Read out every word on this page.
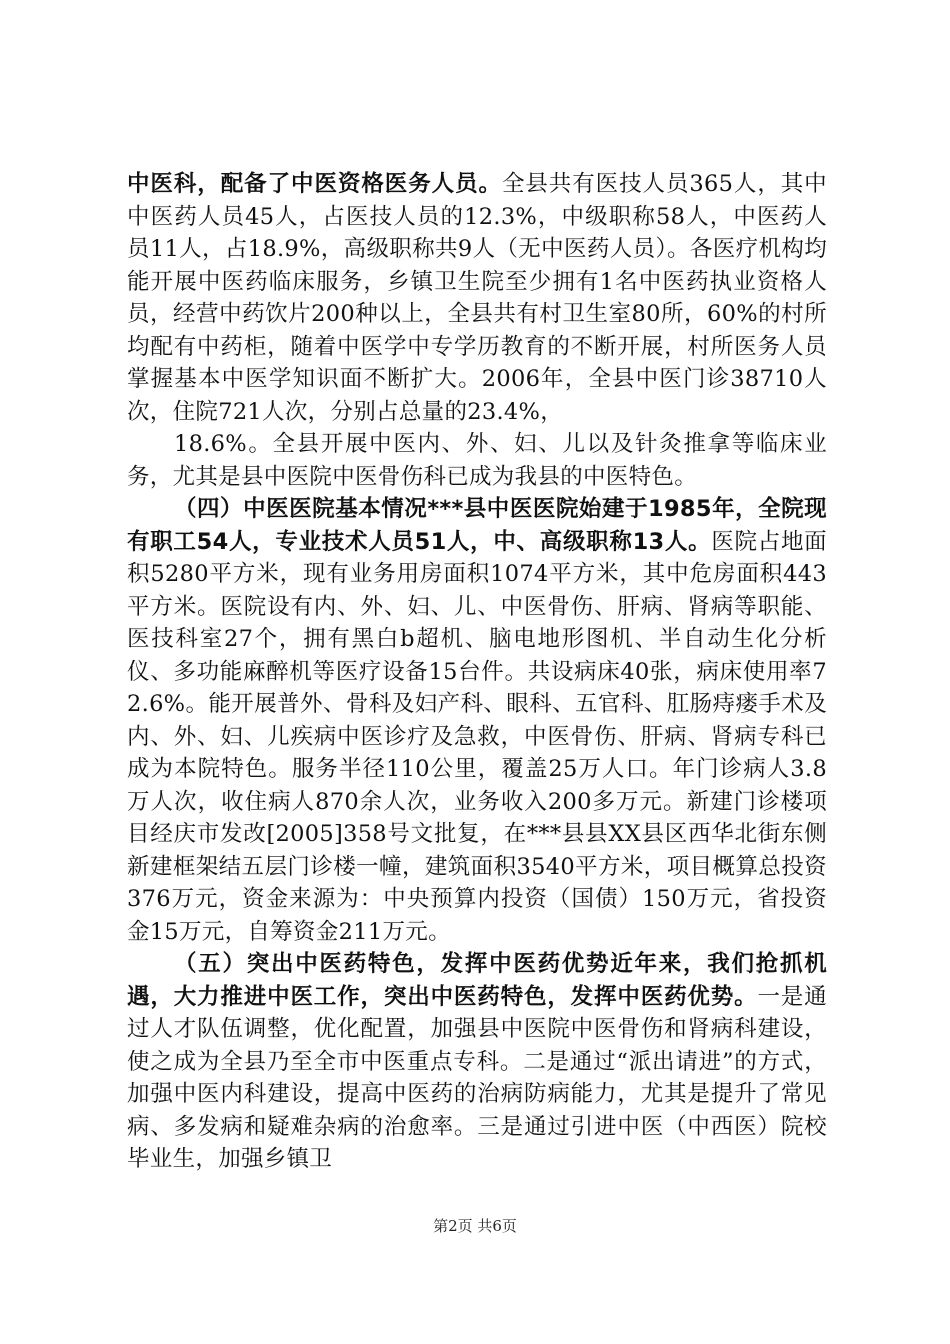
中医科，配备了中医资格医务人员。全县共有医技人员365人，其中中医药人员45人，占医技人员的12.3%，中级职称58人，中医药人员11人，占18.9%，高级职称共9人（无中医药人员）。各医疗机构均能开展中医药临床服务，乡镇卫生院至少拥有1名中医药执业资格人员，经营中药饮片200种以上，全县共有村卫生室80所，60%的村所均配有中药柜，随着中医学中专学历教育的不断开展，村所医务人员掌握基本中医学知识面不断扩大。2006年，全县中医门诊38710人次，住院721人次，分别占总量的23.4%，

18.6%。全县开展中医内、外、妇、儿以及针灸推拿等临床业务，尤其是县中医院中医骨伤科已成为我县的中医特色。

（四）中医医院基本情况***县中医医院始建于1985年，全院现有职工54人，专业技术人员51人，中、高级职称13人。医院占地面积5280平方米，现有业务用房面积1074平方米，其中危房面积443平方米。医院设有内、外、妇、儿、中医骨伤、肝病、肾病等职能、医技科室27个，拥有黑白b超机、脑电地形图机、半自动生化分析仪、多功能麻醉机等医疗设备15台件。共设病床40张，病床使用率72.6%。能开展普外、骨科及妇产科、眼科、五官科、肛肠痔瘘手术及内、外、妇、儿疾病中医诊疗及急救，中医骨伤、肝病、肾病专科已成为本院特色。服务半径110公里，覆盖25万人口。年门诊病人3.8万人次，收住病人870余人次，业务收入200多万元。新建门诊楼项目经庆市发改[2005]358号文批复，在***县县XX县区西华北街东侧新建框架结五层门诊楼一幢，建筑面积3540平方米，项目概算总投资376万元，资金来源为：中央预算内投资（国债）150万元，省投资金15万元，自筹资金211万元。

（五）突出中医药特色，发挥中医药优势近年来，我们抢抓机遇，大力推进中医工作，突出中医药特色，发挥中医药优势。一是通过人才队伍调整，优化配置，加强县中医院中医骨伤和肾病科建设，使之成为全县乃至全市中医重点专科。二是通过“派出请进”的方式，加强中医内科建设，提高中医药的治病防病能力，尤其是提升了常见病、多发病和疑难杂病的治愈率。三是通过引进中医（中西医）院校毕业生，加强乡镇卫

第2页 共6页
